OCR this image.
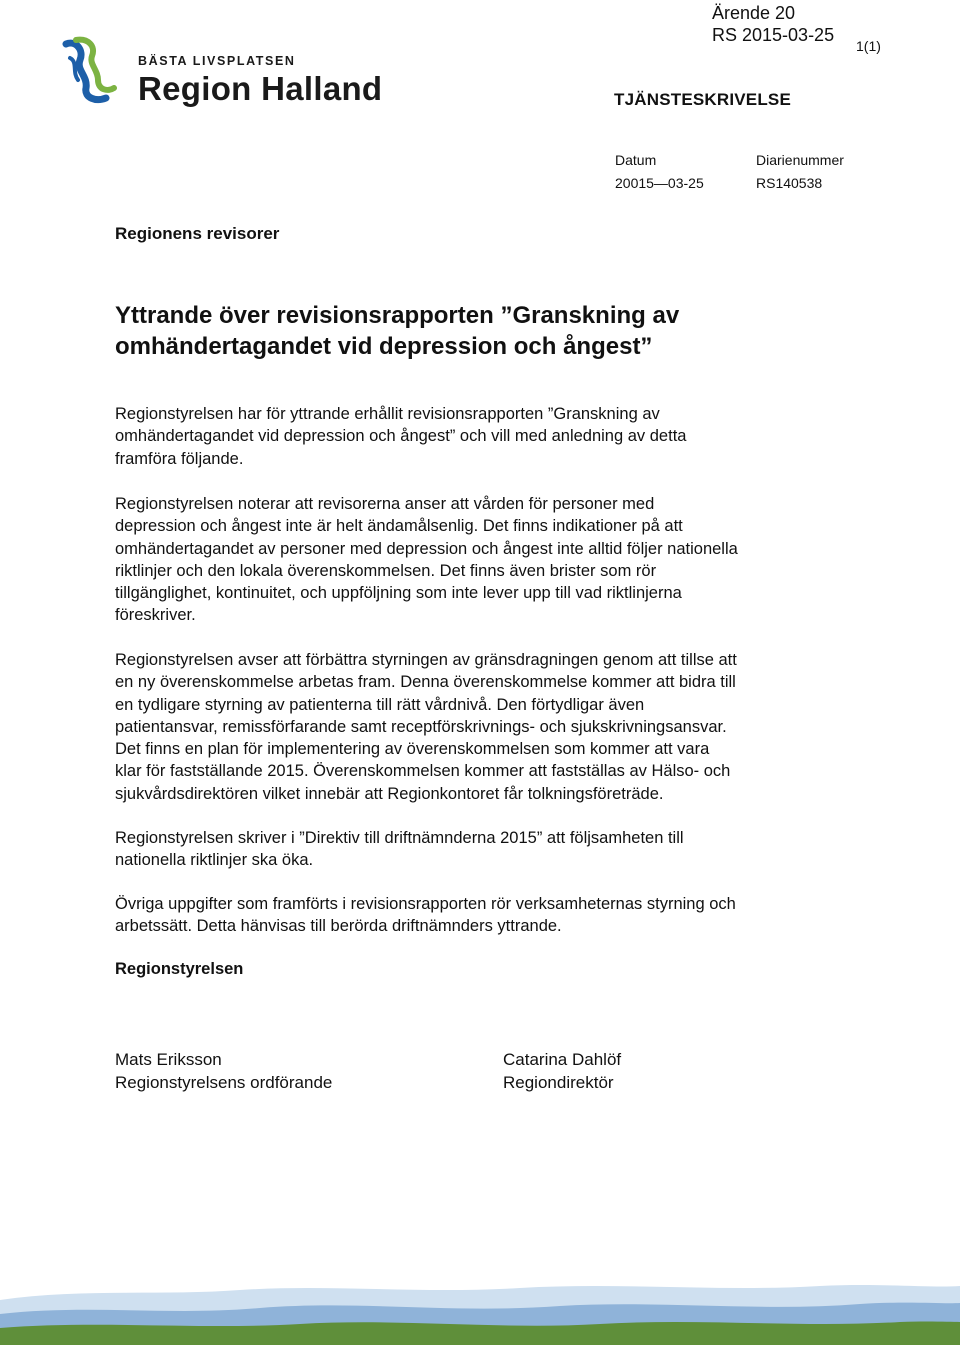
BÄSTA LIVSPLATSEN
Region Halland
Ärende 20
RS 2015-03-25
1(1)
TJÄNSTESKRIVELSE
Datum
20015—03-25
Diarienummer
RS140538
Regionens revisorer
Yttrande över revisionsrapporten ”Granskning av
omhändertagandet vid depression och ångest”
Regionstyrelsen har för yttrande erhållit revisionsrapporten ”Granskning av
omhändertagandet vid depression och ångest” och vill med anledning av detta
framföra följande.
Regionstyrelsen noterar att revisorerna anser att vården för personer med
depression och ångest inte är helt ändamålsenlig. Det finns indikationer på att
omhändertagandet av personer med depression och ångest inte alltid följer nationella
riktlinjer och den lokala överenskommelsen. Det finns även brister som rör
tillgänglighet, kontinuitet, och uppföljning som inte lever upp till vad riktlinjerna
föreskriver.
Regionstyrelsen avser att förbättra styrningen av gränsdragningen genom att tillse att
en ny överenskommelse arbetas fram. Denna överenskommelse kommer att bidra till
en tydligare styrning av patienterna till rätt vårdnivå. Den förtydligar även
patientansvar, remissförfarande samt receptförskrivnings- och sjukskrivningsansvar.
Det finns en plan för implementering av överenskommelsen som kommer att vara
klar för fastställande 2015. Överenskommelsen kommer att fastställas av Hälso- och
sjukvårdsdirektören vilket innebär att Regionkontoret får tolkningsföreträde.
Regionstyrelsen skriver i ”Direktiv till driftnämnderna 2015” att följsamheten till
nationella riktlinjer ska öka.
Övriga uppgifter som framförts i revisionsrapporten rör verksamheternas styrning och
arbetssätt. Detta hänvisas till berörda driftnämnders yttrande.
Regionstyrelsen
Mats Eriksson
Regionstyrelsens ordförande
Catarina Dahlöf
Regiondirektör
